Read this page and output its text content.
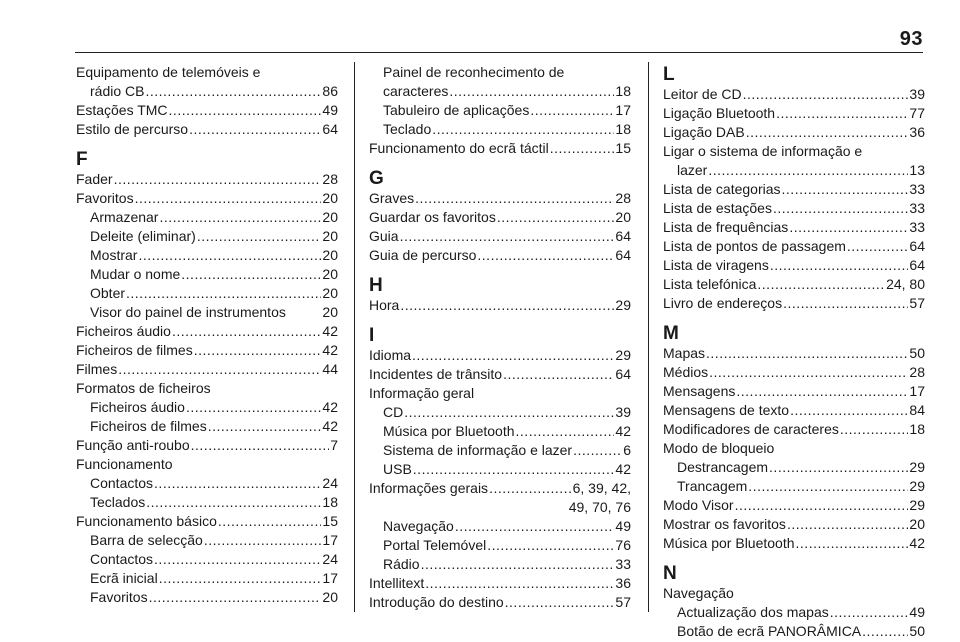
93
Equipamento de telemóveis e
rádio CB .....	86
Estações TMC .....	49
Estilo de percurso .....	64
F
Fader .....	28
Favoritos .....	20
Armazenar .....	20
Deleite (eliminar) .....	20
Mostrar .....	20
Mudar o nome .....	20
Obter .....	20
Visor do painel de instrumentos	20
Ficheiros áudio .....	42
Ficheiros de filmes .....	42
Filmes .....	44
Formatos de ficheiros
Ficheiros áudio .....	42
Ficheiros de filmes .....	42
Função anti-roubo .....	7
Funcionamento
Contactos .....	24
Teclados .....	18
Funcionamento básico .....	15
Barra de selecção .....	17
Contactos .....	24
Ecrã inicial .....	17
Favoritos .....	20
Painel de reconhecimento de
caracteres .....	18
Tabuleiro de aplicações .....	17
Teclado .....	18
Funcionamento do ecrã táctil .....	15
G
Graves .....	28
Guardar os favoritos .....	20
Guia .....	64
Guia de percurso .....	64
H
Hora .....	29
I
Idioma .....	29
Incidentes de trânsito .....	64
Informação geral
CD .....	39
Música por Bluetooth .....	42
Sistema de informação e lazer .....	6
USB .....	42
Informações gerais .....	6, 39, 42,
49, 70, 76
Navegação .....	49
Portal Telemóvel .....	76
Rádio .....	33
Intellitext .....	36
Introdução do destino .....	57
L
Leitor de CD .....	39
Ligação Bluetooth .....	77
Ligação DAB .....	36
Ligar o sistema de informação e
lazer .....	13
Lista de categorias .....	33
Lista de estações .....	33
Lista de frequências .....	33
Lista de pontos de passagem .....	64
Lista de viragens .....	64
Lista telefónica .....	24, 80
Livro de endereços .....	57
M
Mapas .....	50
Médios .....	28
Mensagens .....	17
Mensagens de texto .....	84
Modificadores de caracteres .....	18
Modo de bloqueio
Destrancagem .....	29
Trancagem .....	29
Modo Visor .....	29
Mostrar os favoritos .....	20
Música por Bluetooth .....	42
N
Navegação
Actualização dos mapas .....	49
Botão de ecrã PANORÂMICA .....	50
